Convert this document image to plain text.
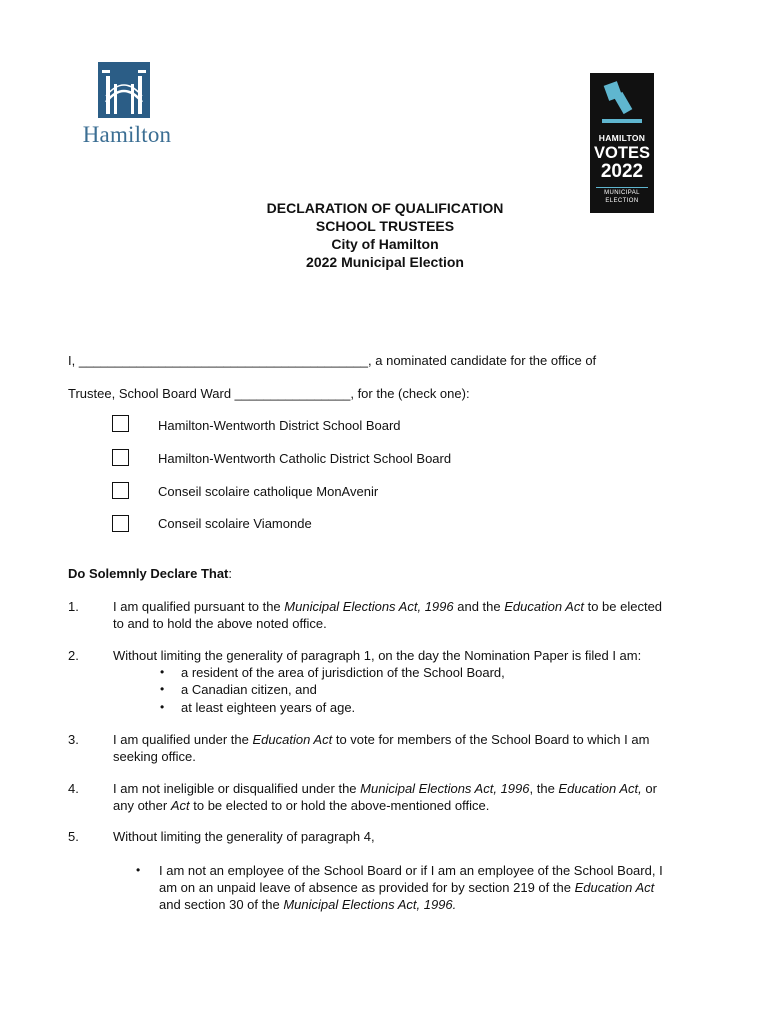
Hamilton	HAMILTON
VOTES
2022
MUNICIPAL
ELECTION
DECLARATION OF QUALIFICATION
SCHOOL TRUSTEES
City of Hamilton
2022 Municipal Election
I, ________________________________________, a nominated candidate for the office of
Trustee, School Board Ward ________________, for the (check one):
Hamilton-Wentworth District School Board
Hamilton-Wentworth Catholic District School Board
Conseil scolaire catholique MonAvenir
Conseil scolaire Viamonde
Do Solemnly Declare That:
1.	I am qualified pursuant to the Municipal Elections Act, 1996 and the Education Act to be elected
to and to hold the above noted office.
2.	Without limiting the generality of paragraph 1, on the day the Nomination Paper is filed I am:
• a resident of the area of jurisdiction of the School Board,
• a Canadian citizen, and
• at least eighteen years of age.
3.	I am qualified under the Education Act to vote for members of the School Board to which I am
seeking office.
4.	I am not ineligible or disqualified under the Municipal Elections Act, 1996, the Education Act, or
any other Act to be elected to or hold the above-mentioned office.
5.	Without limiting the generality of paragraph 4,
• I am not an employee of the School Board or if I am an employee of the School Board, I
am on an unpaid leave of absence as provided for by section 219 of the Education Act
and section 30 of the Municipal Elections Act, 1996.
